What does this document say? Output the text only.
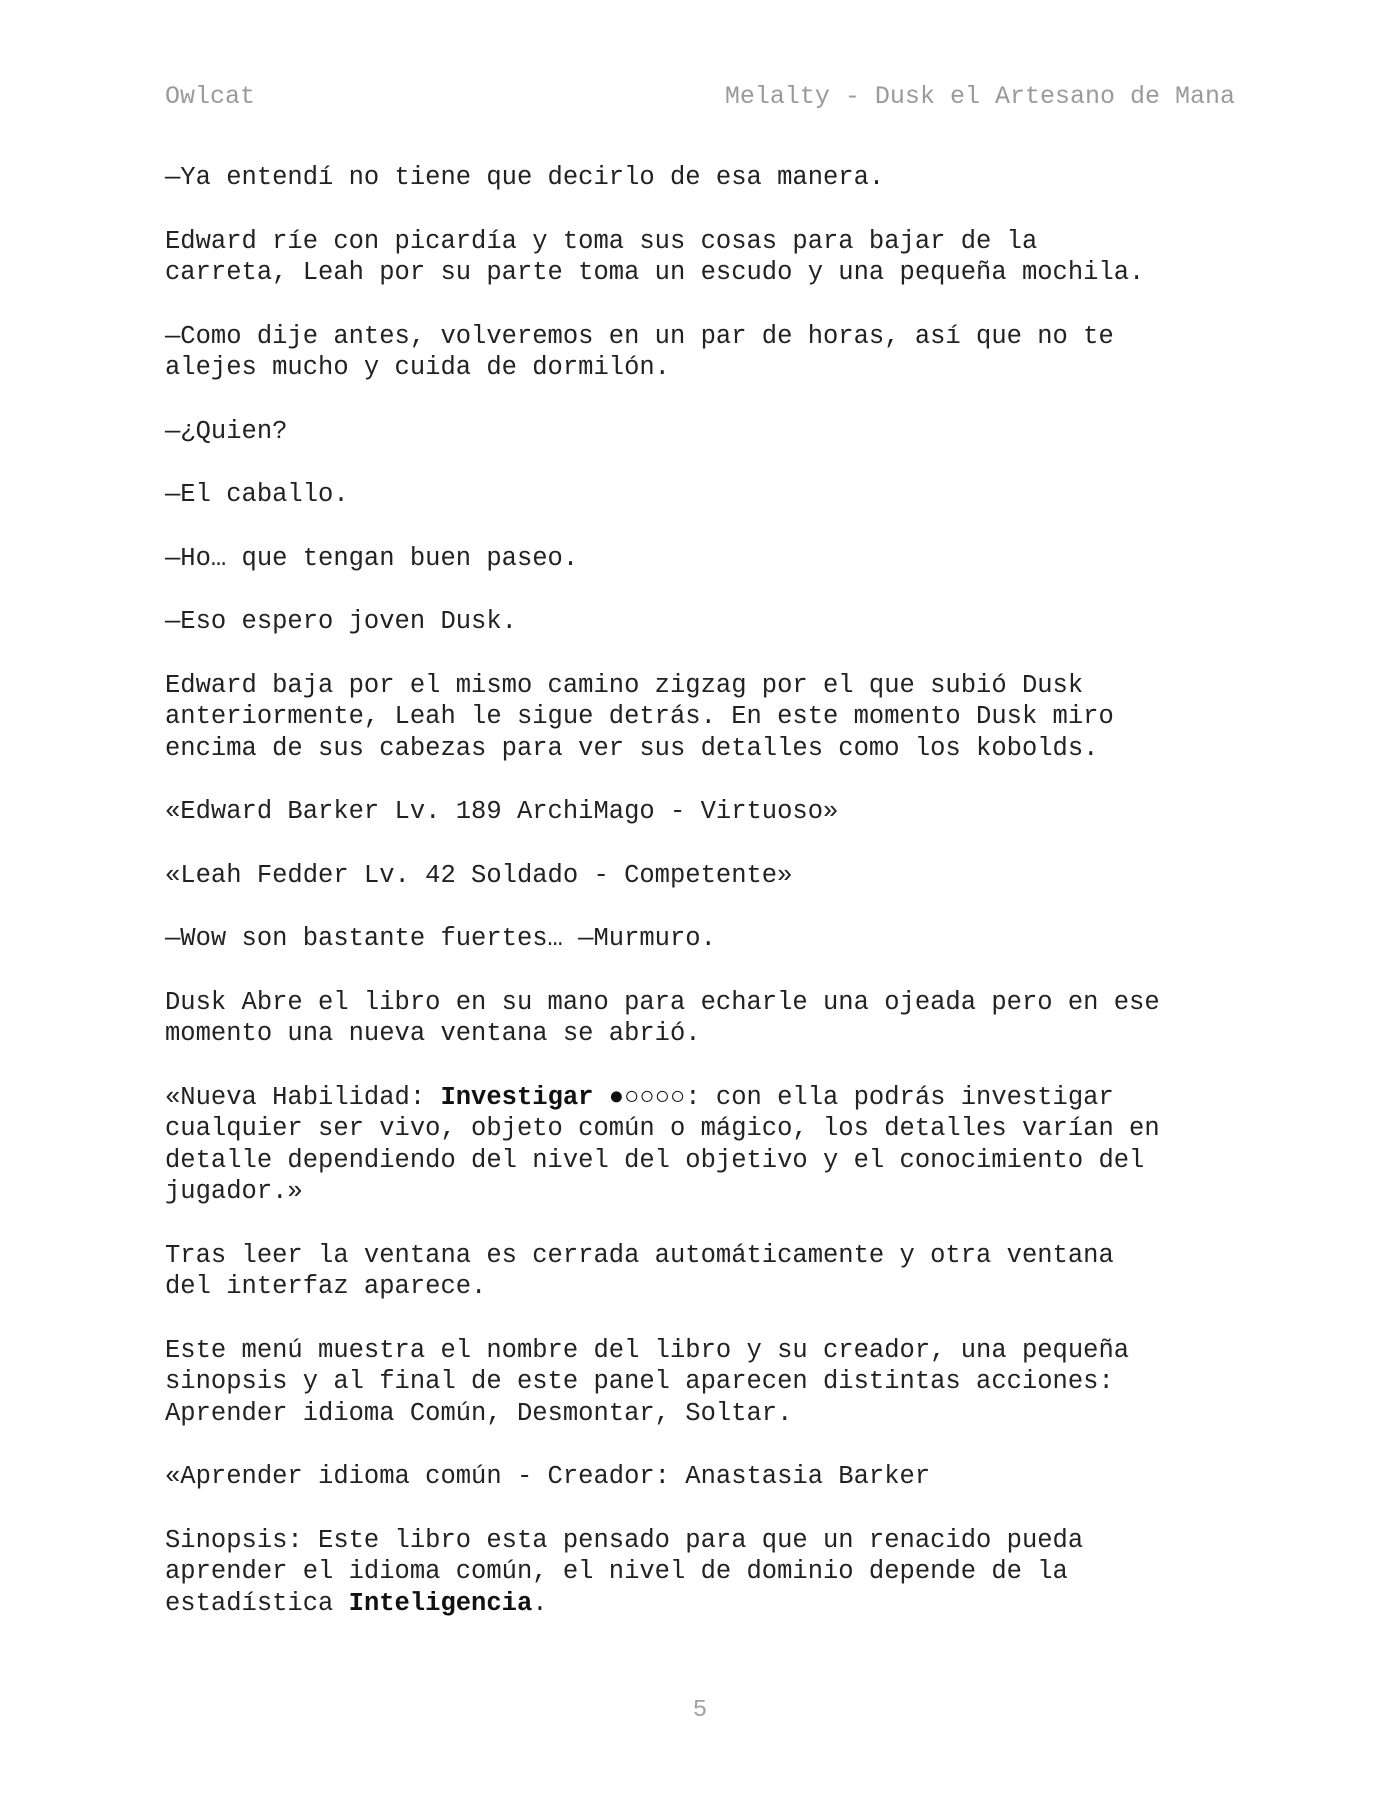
Owlcat	Melalty - Dusk el Artesano de Mana

—Ya entendí no tiene que decirlo de esa manera.

Edward ríe con picardía y toma sus cosas para bajar de la
carreta, Leah por su parte toma un escudo y una pequeña mochila.

—Como dije antes, volveremos en un par de horas, así que no te
alejes mucho y cuida de dormilón.

—¿Quien?

—El caballo.

—Ho… que tengan buen paseo.

—Eso espero joven Dusk.

Edward baja por el mismo camino zigzag por el que subió Dusk
anteriormente, Leah le sigue detrás. En este momento Dusk miro
encima de sus cabezas para ver sus detalles como los kobolds.

«Edward Barker Lv. 189 ArchiMago - Virtuoso»

«Leah Fedder Lv. 42 Soldado - Competente»

—Wow son bastante fuertes… —Murmuro.

Dusk Abre el libro en su mano para echarle una ojeada pero en ese
momento una nueva ventana se abrió.

«Nueva Habilidad: Investigar ●○○○○: con ella podrás investigar
cualquier ser vivo, objeto común o mágico, los detalles varían en
detalle dependiendo del nivel del objetivo y el conocimiento del
jugador.»

Tras leer la ventana es cerrada automáticamente y otra ventana
del interfaz aparece.

Este menú muestra el nombre del libro y su creador, una pequeña
sinopsis y al final de este panel aparecen distintas acciones:
Aprender idioma Común, Desmontar, Soltar.

«Aprender idioma común - Creador: Anastasia Barker

Sinopsis: Este libro esta pensado para que un renacido pueda
aprender el idioma común, el nivel de dominio depende de la
estadística Inteligencia.

5
